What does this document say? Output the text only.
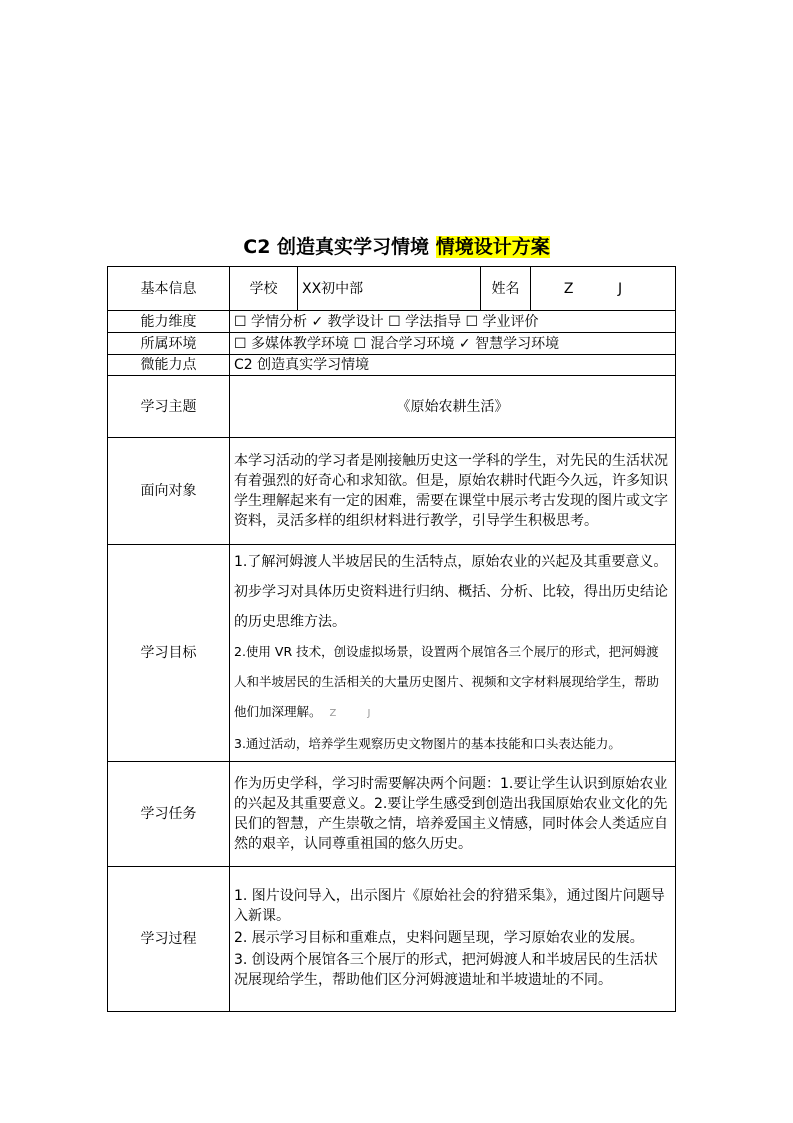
C2 创造真实学习情境 情境设计方案
基本信息	学校	XX初中部	姓名	Z J
能力维度	☐ 学情分析 ✓ 教学设计 ☐ 学法指导 ☐ 学业评价			
所属环境	☐ 多媒体教学环境 ☐ 混合学习环境 ✓ 智慧学习环境			
微能力点	C2 创造真实学习情境			
学习主题	《原始农耕生活》			
面向对象	本学习活动的学习者是刚接触历史这一学科的学生，对先民的生活状况有着强烈的好奇心和求知欲。但是，原始农耕时代距今久远，许多知识学生理解起来有一定的困难，需要在课堂中展示考古发现的图片或文字资料，灵活多样的组织材料进行教学，引导学生积极思考。			
学习目标	1.了解河姆渡人半坡居民的生活特点，原始农业的兴起及其重要意义。初步学习对具体历史资料进行归纳、概括、分析、比较，得出历史结论的历史思维方法。
2.使用 VR 技术，创设虚拟场景，设置两个展馆各三个展厅的形式，把河姆渡人和半坡居民的生活相关的大量历史图片、视频和文字材料展现给学生，帮助他们加深理解。 Z J
3.通过活动，培养学生观察历史文物图片的基本技能和口头表达能力。			

学习任务	作为历史学科，学习时需要解决两个问题：1.要让学生认识到原始农业的兴起及其重要意义。2.要让学生感受到创造出我国原始农业文化的先民们的智慧，产生崇敬之情，培养爱国主义情感，同时体会人类适应自然的艰辛，认同尊重祖国的悠久历史。			
学习过程	1. 图片设问导入，出示图片《原始社会的狩猎采集》，通过图片问题导入新课。
2. 展示学习目标和重难点，史料问题呈现，学习原始农业的发展。
3. 创设两个展馆各三个展厅的形式，把河姆渡人和半坡居民的生活状况展现给学生，帮助他们区分河姆渡遗址和半坡遗址的不同。			
